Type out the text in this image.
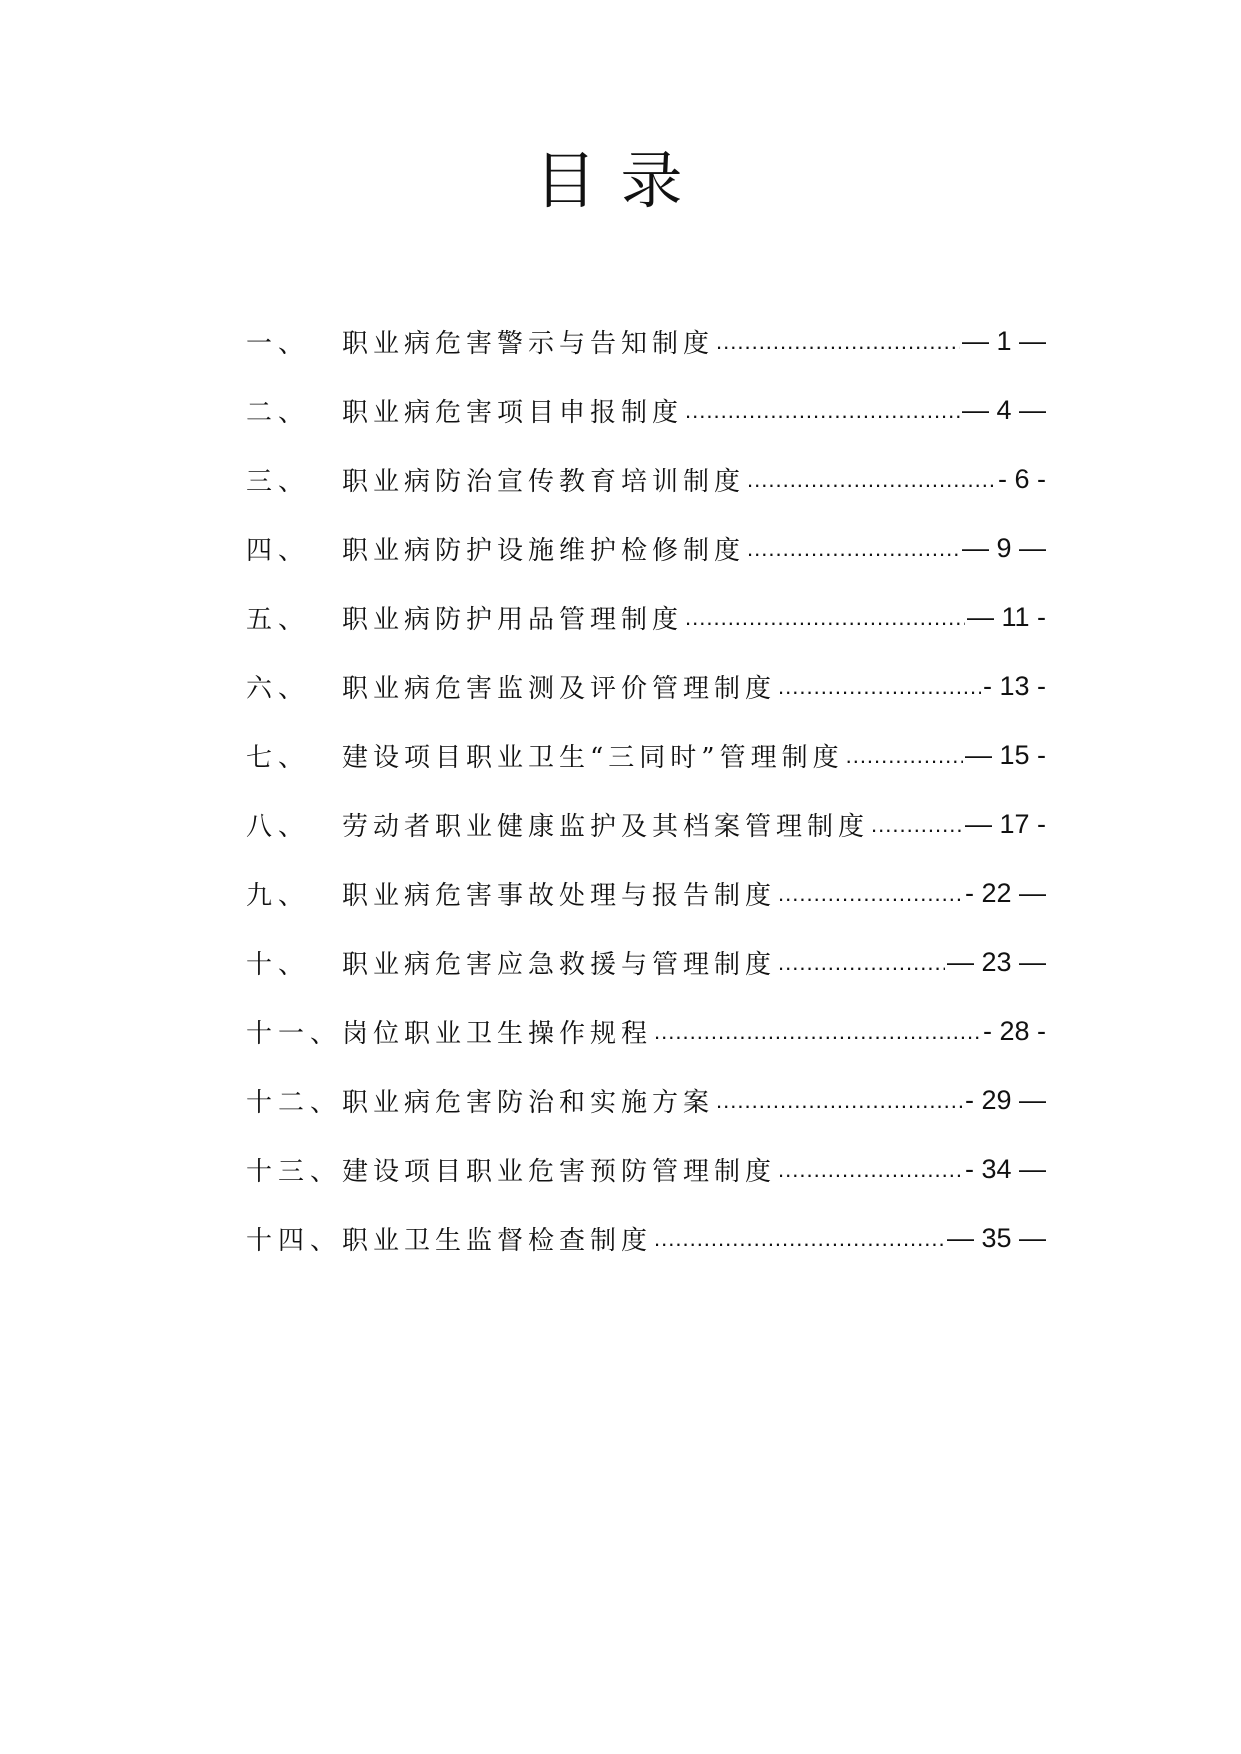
目录
一、	职业病危害警示与告知制度 .....	— 1 —
二、	职业病危害项目申报制度 .....	— 4 —
三、	职业病防治宣传教育培训制度 .....	- 6 -
四、	职业病防护设施维护检修制度 .....	— 9 —
五、	职业病防护用品管理制度 .....	— 11 -
六、	职业病危害监测及评价管理制度 .....	- 13 -
七、	建设项目职业卫生“三同时”管理制度 .....	— 15 -
八、	劳动者职业健康监护及其档案管理制度 .....	— 17 -
九、	职业病危害事故处理与报告制度 .....	- 22 —
十、	职业病危害应急救援与管理制度 .....	— 23 —
十一、 岗位职业卫生操作规程 .....	- 28 -
十二、 职业病危害防治和实施方案 .....	- 29 —
十三、 建设项目职业危害预防管理制度 .....	- 34 —
十四、 职业卫生监督检查制度 .....	— 35 —
